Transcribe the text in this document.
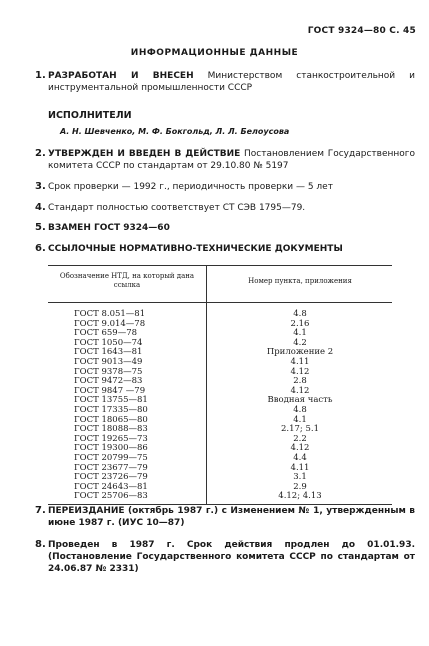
ГОСТ 9324—80 С. 45
ИНФОРМАЦИОННЫЕ ДАННЫЕ
1. РАЗРАБОТАН И ВНЕСЕН Министерством станкостроительной и инструментальной промышленности СССР
ИСПОЛНИТЕЛИ
А. Н. Шевченко, М. Ф. Бокгольд, Л. Л. Белоусова
2. УТВЕРЖДЕН И ВВЕДЕН В ДЕЙСТВИЕ Постановлением Государственного комитета СССР по стандартам от 29.10.80 № 5197
3. Срок проверки — 1992 г., периодичность проверки — 5 лет
4. Стандарт полностью соответствует СТ СЭВ 1795—79.
5. ВЗАМЕН ГОСТ 9324—60
6. ССЫЛОЧНЫЕ НОРМАТИВНО-ТЕХНИЧЕСКИЕ ДОКУМЕНТЫ
Обозначение НТД, на который дана ссылка	Номер пункта, приложения
ГОСТ 8.051—81	4.8
ГОСТ 9.014—78	2.16
ГОСТ 659—78	4.1
ГОСТ 1050—74	4.2
ГОСТ 1643—81	Приложение 2
ГОСТ 9013—49	4.11
ГОСТ 9378—75	4.12
ГОСТ 9472—83	2.8
ГОСТ 9847 —79	4.12
ГОСТ 13755—81	Вводная часть
ГОСТ 17335—80	4.8
ГОСТ 18065—80	4.1
ГОСТ 18088—83	2.17; 5.1
ГОСТ 19265—73	2.2
ГОСТ 19300—86	4.12
ГОСТ 20799—75	4.4
ГОСТ 23677—79	4.11
ГОСТ 23726—79	3.1
ГОСТ 24643—81	2.9
ГОСТ 25706—83	4.12; 4.13
7. ПЕРЕИЗДАНИЕ (октябрь 1987 г.) с Изменением № 1, утвержденным в июне 1987 г. (ИУС 10—87)
8. Проведен в 1987 г. Срок действия продлен до 01.01.93. (Постановление Государственного комитета СССР по стандартам от 24.06.87 № 2331)
